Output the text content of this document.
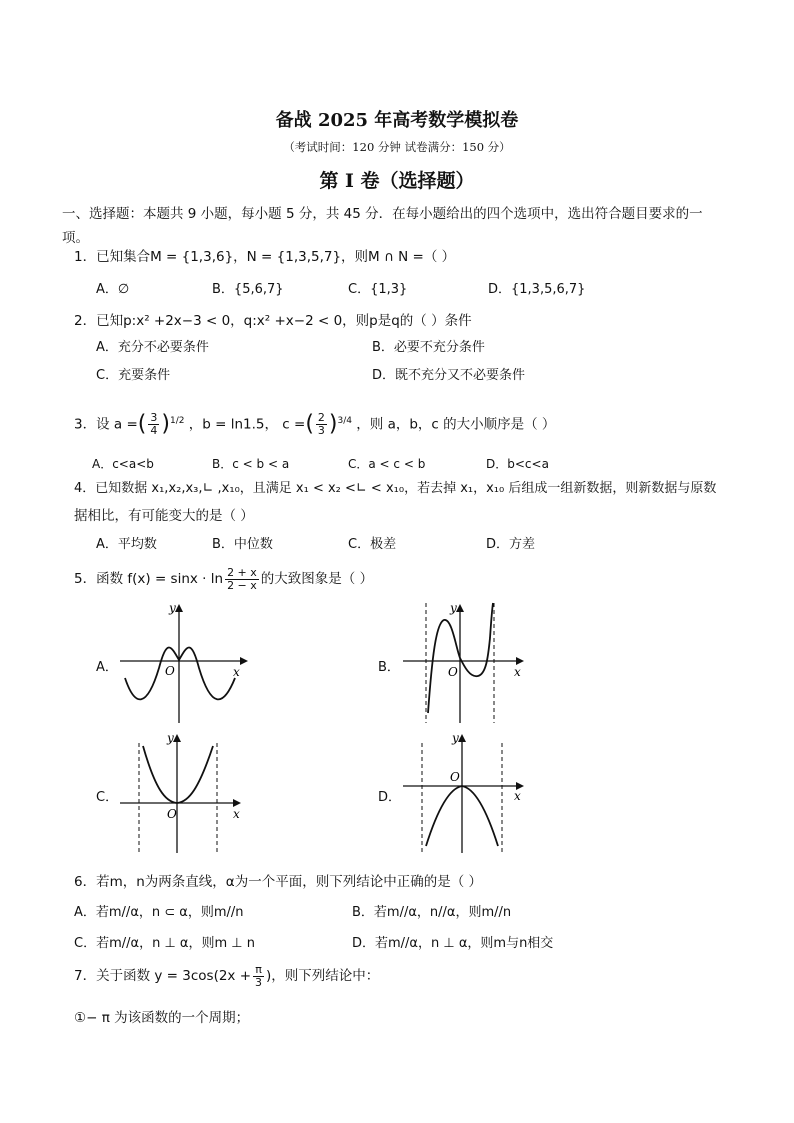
备战 2025 年高考数学模拟卷
（考试时间：120 分钟 试卷满分：150 分）
第 I 卷（选择题）
一、选择题：本题共 9 小题，每小题 5 分，共 45 分．在每小题给出的四个选项中，选出符合题目要求的一
项。
1．已知集合M = {1,3,6}，N = {1,3,5,7}，则M ∩ N =（ ）
A．∅	B．{5,6,7}	C．{1,3}	D．{1,3,5,6,7}
2．已知p:x² +2x−3 < 0，q:x² +x−2 < 0，则p是q的（ ）条件
A．充分不必要条件	B．必要不充分条件
C．充要条件	D．既不充分又不必要条件
3．设 a =( $\frac{3}{4} )^{1/2}$ ，b = ln1.5， c =( $\frac{2}{3} )^{3/4}$ ，则 a，b，c 的大小顺序是（ ）
A．c<a<b	B．c < b < a	C．a < c < b	D．b<c<a
4．已知数据 x₁,x₂,x₃,∟ ,x₁₀，且满足 x₁ < x₂ <∟ < x₁₀，若去掉 x₁，x₁₀ 后组成一组新数据，则新数据与原数
据相比，有可能变大的是（ ）
A．平均数	B．中位数	C．极差	D．方差
5．函数 $f(x) = \sin x \cdot \ln \frac{2 + x}{2 - x}$ 的大致图象是（ ）
A．
y
x
O	B．
y
x
O
C．
y
x
O
D．
y
x
O
6．若m，n为两条直线，α为一个平面，则下列结论中正确的是（ ）
A．若m//α，n ⊂ α，则m//n	B．若m//α，n//α，则m//n
C．若m//α，n ⊥ α，则m ⊥ n	D．若m//α，n ⊥ α，则m与n相交
7．关于函数 $y = 3\cos(2x + \frac{\pi}{3}$ )，则下列结论中：
①− π 为该函数的一个周期；
